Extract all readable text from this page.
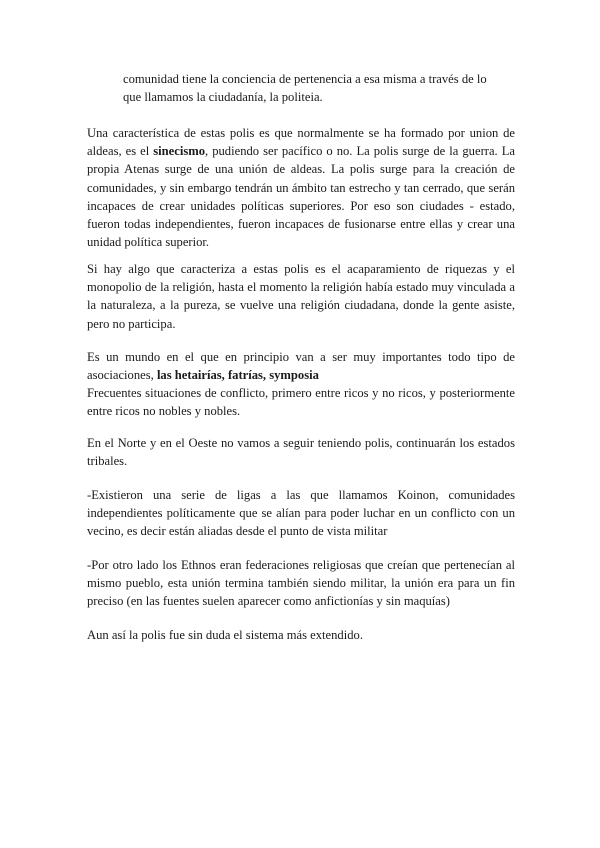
comunidad tiene la conciencia de pertenencia a esa misma a través de lo
que llamamos la ciudadanía, la politeia.

Una característica de estas polis es que normalmente se ha formado por union de aldeas, es el sinecismo, pudiendo ser pacífico o no. La polis surge de la guerra. La propia Atenas surge de una unión de aldeas. La polis surge para la creación de comunidades, y sin embargo tendrán un ámbito tan estrecho y tan cerrado, que serán incapaces de crear unidades políticas superiores. Por eso son ciudades - estado, fueron todas independientes, fueron incapaces de fusionarse entre ellas y crear una unidad política superior.

Si hay algo que caracteriza a estas polis es el acaparamiento de riquezas y el monopolio de la religión, hasta el momento la religión había estado muy vinculada a la naturaleza, a la pureza, se vuelve una religión ciudadana, donde la gente asiste, pero no participa.

Es un mundo en el que en principio van a ser muy importantes todo tipo de asociaciones, las hetairías, fatrías, symposia

Frecuentes situaciones de conflicto, primero entre ricos y no ricos, y posteriormente entre ricos no nobles y nobles.

En el Norte y en el Oeste no vamos a seguir teniendo polis, continuarán los estados tribales.

-Existieron una serie de ligas a las que llamamos Koinon, comunidades independientes políticamente que se alían para poder luchar en un conflicto con un vecino, es decir están aliadas desde el punto de vista militar

-Por otro lado los Ethnos eran federaciones religiosas que creían que pertenecían al mismo pueblo, esta unión termina también siendo militar, la unión era para un fin preciso (en las fuentes suelen aparecer como anfictionías y sin maquías)

Aun así la polis fue sin duda el sistema más extendido.
